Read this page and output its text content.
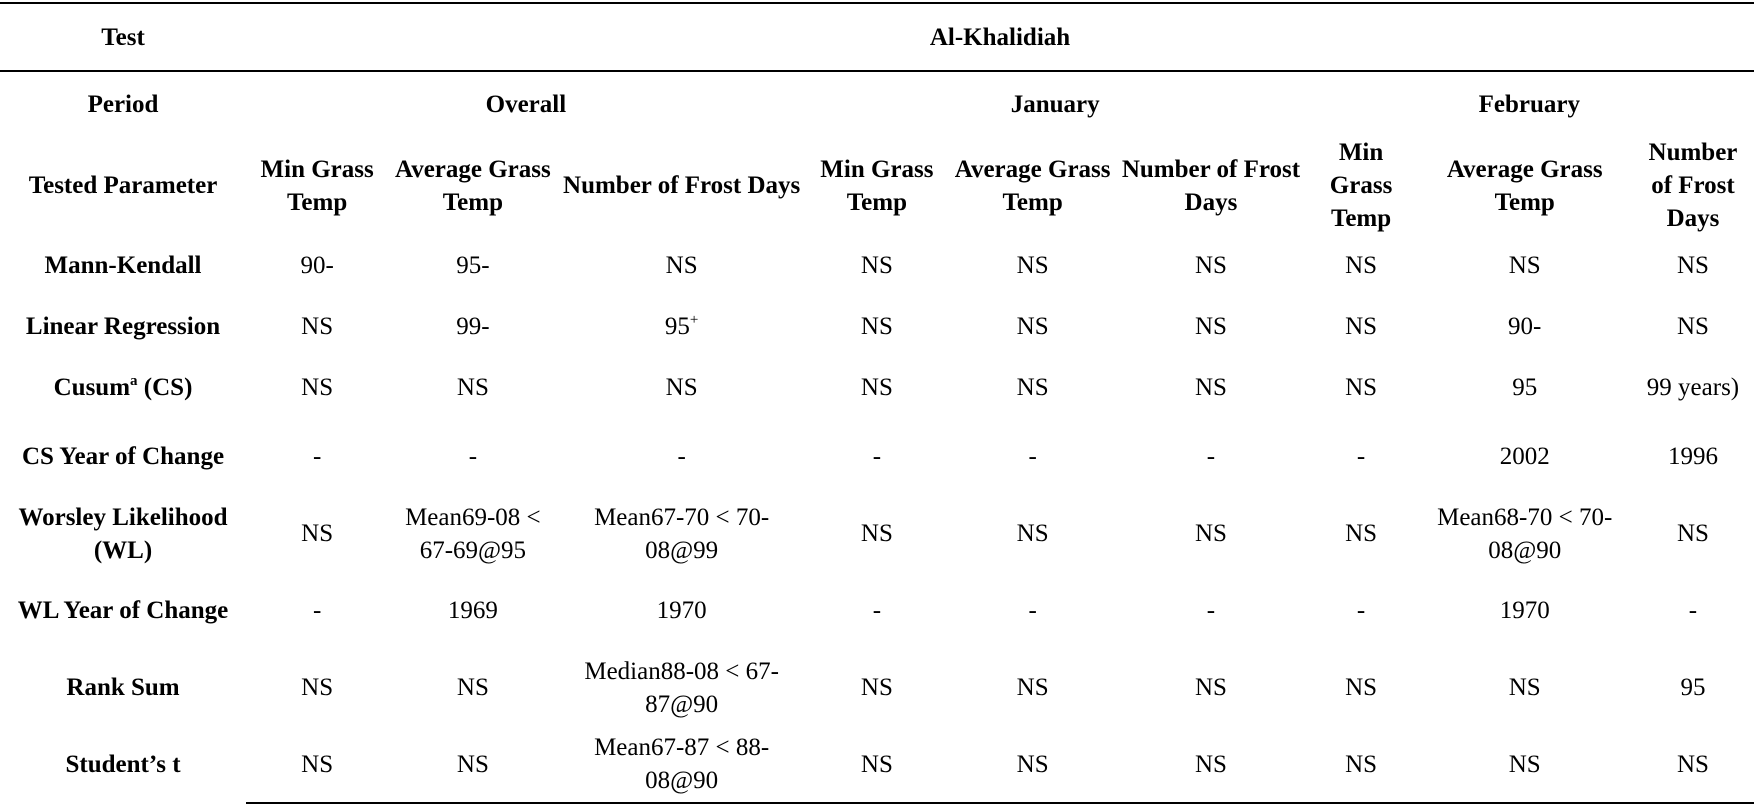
Test	Al-Khalidiah								
Period	Overall			January			February		
Tested Parameter	Min Grass Temp	Average Grass Temp	Number of Frost Days	Min Grass Temp	Average Grass Temp	Number of Frost Days	Min Grass Temp	Average Grass Temp	Number of Frost Days
Mann-Kendall	90-	95-	NS	NS	NS	NS	NS	NS	NS
Linear Regression	NS	99-	95+	NS	NS	NS	NS	90-	NS
Cusum$^a$ (CS)	NS	NS	NS	NS	NS	NS	NS	95	99 years)
CS Year of Change	-	-	-	-	-	-	-	2002	1996
Worsley Likelihood (WL)	NS	Mean69-08 < 67-69@95	Mean67-70 < 70-08@99	NS	NS	NS	NS	Mean68-70 < 70-08@90	NS
WL Year of Change	-	1969	1970	-	-	-	-	1970	-
Rank Sum	NS	NS	Median88-08 < 67-87@90	NS	NS	NS	NS	NS	95
Student’s t	NS	NS	Mean67-87 < 88-08@90	NS	NS	NS	NS	NS	NS
